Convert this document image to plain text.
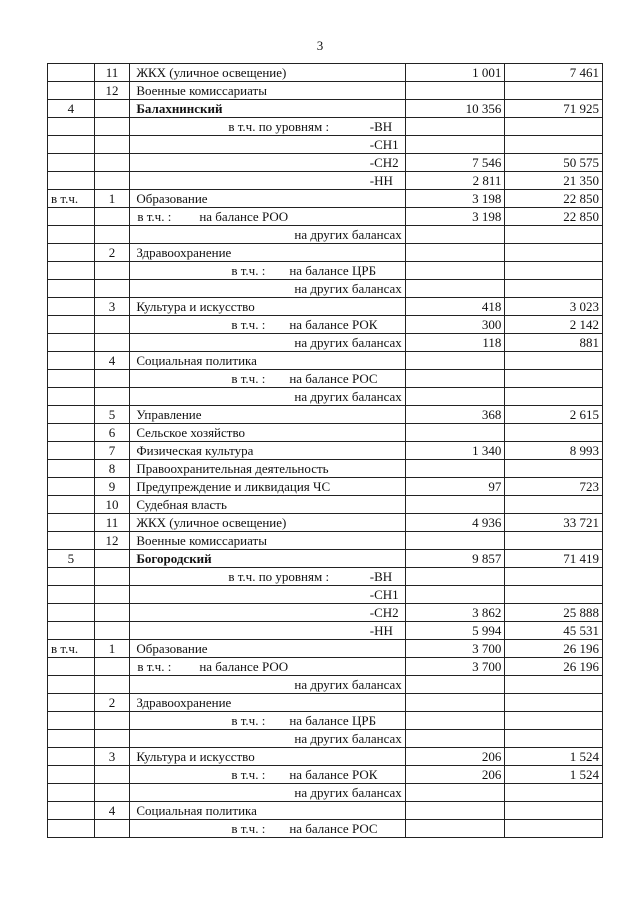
3
	11	ЖКХ (уличное освещение)	1 001	7 461
	12	Военные комиссариаты		
4		Балахнинский	10 356	71 925

		в т.ч. по уровням : -ВН		

		-СН1		

		-СН2	7 546	50 575

		-НН	2 811	21 350
в т.ч.	1	Образование	3 198	22 850

		в т.ч. : на балансе РОО	3 198	22 850

		на других балансах		

	2	Здравоохранение		

		в т.ч. : на балансе ЦРБ		

		на других балансах		

	3	Культура и искусство	418	3 023

		в т.ч. : на балансе РОК	300	2 142

		на других балансах	118	881
	4	Социальная политика		

		в т.ч. : на балансе РОС		

		на других балансах		

	5	Управление	368	2 615
	6	Сельское хозяйство		
	7	Физическая культура	1 340	8 993
	8	Правоохранительная деятельность		
	9	Предупреждение и ликвидация ЧС	97	723
	10	Судебная власть		
	11	ЖКХ (уличное освещение)	4 936	33 721
	12	Военные комиссариаты		
5		Богородский	9 857	71 419

		в т.ч. по уровням : -ВН		

		-СН1		

		-СН2	3 862	25 888

		-НН	5 994	45 531
в т.ч.	1	Образование	3 700	26 196

		в т.ч. : на балансе РОО	3 700	26 196

		на других балансах		

	2	Здравоохранение		

		в т.ч. : на балансе ЦРБ		

		на других балансах		

	3	Культура и искусство	206	1 524

		в т.ч. : на балансе РОК	206	1 524

		на других балансах		

	4	Социальная политика		

		в т.ч. : на балансе РОС		
